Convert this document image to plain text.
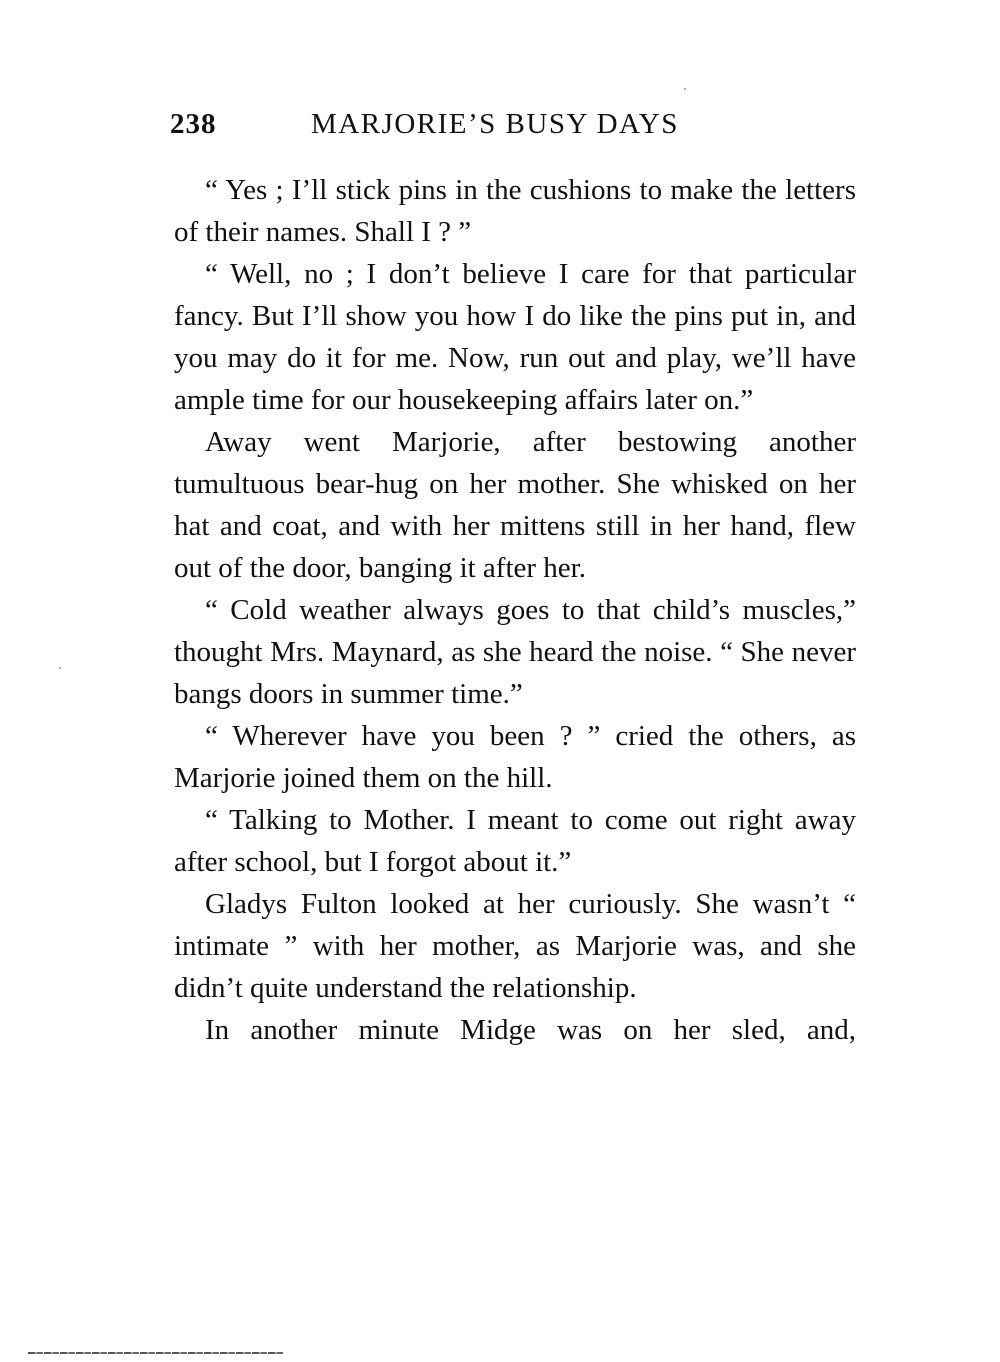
238	MARJORIE’S BUSY DAYS

“ Yes ; I’ll stick pins in the cushions to make the letters of their names. Shall I ? ”

“ Well, no ; I don’t believe I care for that particular fancy. But I’ll show you how I do like the pins put in, and you may do it for me. Now, run out and play, we’ll have ample time for our housekeeping affairs later on.”

Away went Marjorie, after bestowing another tumultuous bear-hug on her mother. She whisked on her hat and coat, and with her mittens still in her hand, flew out of the door, banging it after her.

“ Cold weather always goes to that child’s muscles,” thought Mrs. Maynard, as she heard the noise. “ She never bangs doors in summer time.”

“ Wherever have you been ? ” cried the others, as Marjorie joined them on the hill.

“ Talking to Mother. I meant to come out right away after school, but I forgot about it.”

Gladys Fulton looked at her curiously. She wasn’t “ intimate ” with her mother, as Marjorie was, and she didn’t quite understand the relationship.

In another minute Midge was on her sled, and,
